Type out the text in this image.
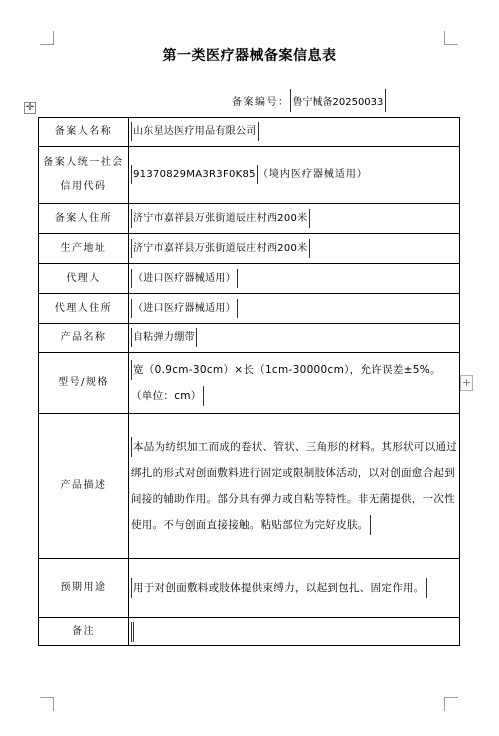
第一类医疗器械备案信息表
✛	备案编号： 鲁宁械备20250033
+
备案人名称	山东星达医疗用品有限公司
备案人统一社会信用代码	91370829MA3R3F0K85 （境内医疗器械适用）
备案人住所	济宁市嘉祥县万张街道辰庄村西200米
生产地址	济宁市嘉祥县万张街道辰庄村西200米
代理人	（进口医疗器械适用）
代理人住所	（进口医疗器械适用）
产品名称	自粘弹力绷带
型号/规格	宽（0.9cm-30cm）×长（1cm-30000cm），允许误差±5%。（单位：cm）

产品描述	本品为纺织加工而成的卷状、管状、三角形的材料。其形状可以通过绑扎的形式对创面敷料进行固定或限制肢体活动，以对创面愈合起到间接的辅助作用。部分具有弹力或自粘等特性。非无菌提供，一次性使用。不与创面直接接触。粘贴部位为完好皮肤。

预期用途	用于对创面敷料或肢体提供束缚力，以起到包扎、固定作用。

备注	
